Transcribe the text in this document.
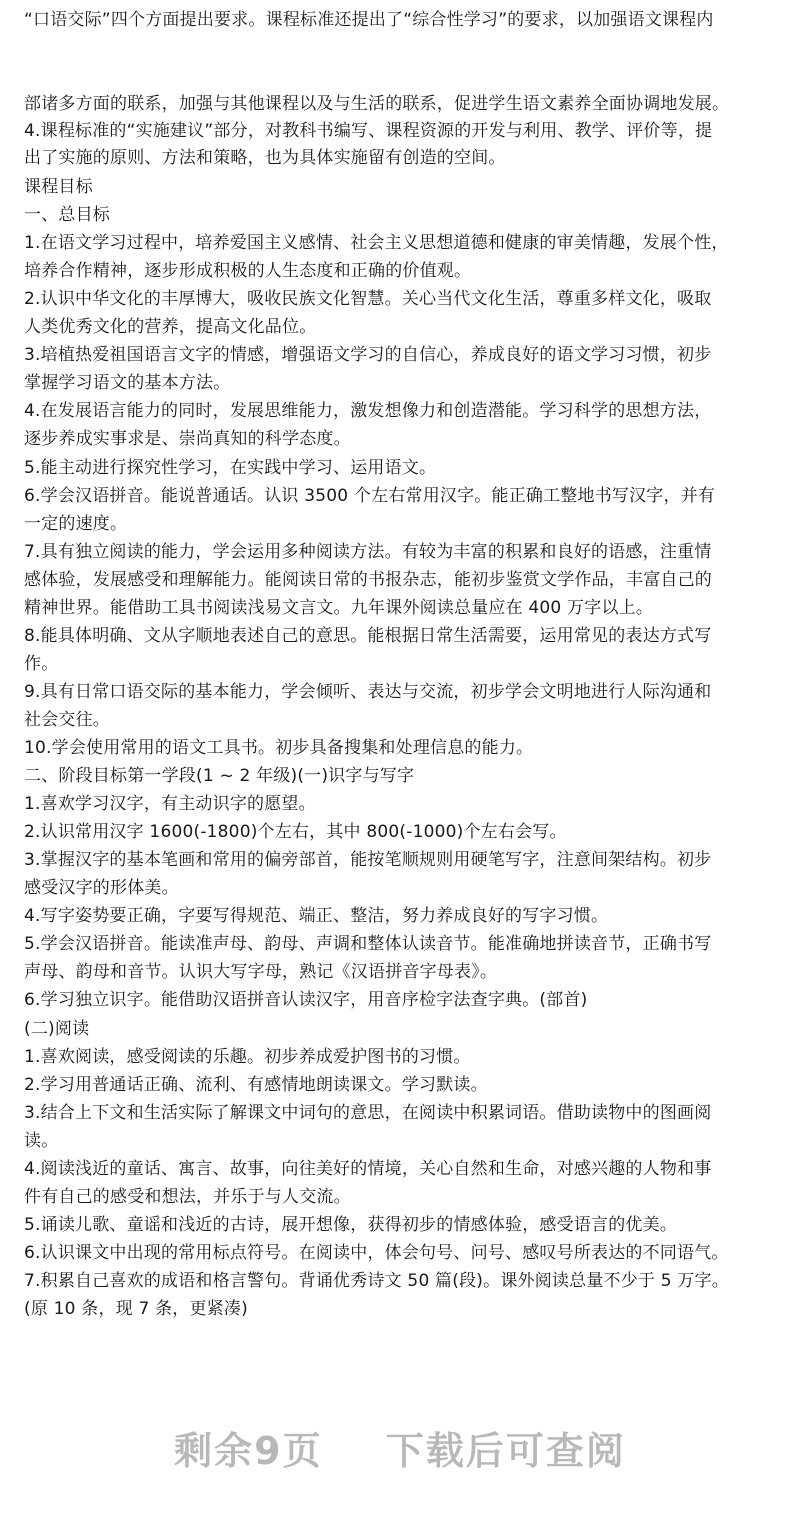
“口语交际”四个方面提出要求。课程标准还提出了“综合性学习”的要求，以加强语文课程内
部诸多方面的联系，加强与其他课程以及与生活的联系，促进学生语文素养全面协调地发展。
4.课程标准的“实施建议”部分，对教科书编写、课程资源的开发与利用、教学、评价等，提
出了实施的原则、方法和策略，也为具体实施留有创造的空间。
课程目标
一、总目标
1.在语文学习过程中，培养爱国主义感情、社会主义思想道德和健康的审美情趣，发展个性，
培养合作精神，逐步形成积极的人生态度和正确的价值观。
2.认识中华文化的丰厚博大，吸收民族文化智慧。关心当代文化生活，尊重多样文化，吸取
人类优秀文化的营养，提高文化品位。
3.培植热爱祖国语言文字的情感，增强语文学习的自信心，养成良好的语文学习习惯，初步
掌握学习语文的基本方法。
4.在发展语言能力的同时，发展思维能力，激发想像力和创造潜能。学习科学的思想方法，
逐步养成实事求是、崇尚真知的科学态度。
5.能主动进行探究性学习，在实践中学习、运用语文。
6.学会汉语拼音。能说普通话。认识 3500 个左右常用汉字。能正确工整地书写汉字，并有
一定的速度。
7.具有独立阅读的能力，学会运用多种阅读方法。有较为丰富的积累和良好的语感，注重情
感体验，发展感受和理解能力。能阅读日常的书报杂志，能初步鉴赏文学作品，丰富自己的
精神世界。能借助工具书阅读浅易文言文。九年课外阅读总量应在 400 万字以上。
8.能具体明确、文从字顺地表述自己的意思。能根据日常生活需要，运用常见的表达方式写
作。
9.具有日常口语交际的基本能力，学会倾听、表达与交流，初步学会文明地进行人际沟通和
社会交往。
10.学会使用常用的语文工具书。初步具备搜集和处理信息的能力。
二、阶段目标第一学段(1 ~ 2 年级)(一)识字与写字
1.喜欢学习汉字，有主动识字的愿望。
2.认识常用汉字 1600(-1800)个左右，其中 800(-1000)个左右会写。
3.掌握汉字的基本笔画和常用的偏旁部首，能按笔顺规则用硬笔写字，注意间架结构。初步
感受汉字的形体美。
4.写字姿势要正确，字要写得规范、端正、整洁，努力养成良好的写字习惯。
5.学会汉语拼音。能读准声母、韵母、声调和整体认读音节。能准确地拼读音节，正确书写
声母、韵母和音节。认识大写字母，熟记《汉语拼音字母表》。
6.学习独立识字。能借助汉语拼音认读汉字，用音序检字法查字典。(部首)
(二)阅读
1.喜欢阅读，感受阅读的乐趣。初步养成爱护图书的习惯。
2.学习用普通话正确、流利、有感情地朗读课文。学习默读。
3.结合上下文和生活实际了解课文中词句的意思，在阅读中积累词语。借助读物中的图画阅
读。
4.阅读浅近的童话、寓言、故事，向往美好的情境，关心自然和生命，对感兴趣的人物和事
件有自己的感受和想法，并乐于与人交流。
5.诵读儿歌、童谣和浅近的古诗，展开想像，获得初步的情感体验，感受语言的优美。
6.认识课文中出现的常用标点符号。在阅读中，体会句号、问号、感叹号所表达的不同语气。
7.积累自己喜欢的成语和格言警句。背诵优秀诗文 50 篇(段)。课外阅读总量不少于 5 万字。
(原 10 条，现 7 条，更紧凑)
剩余9页 下载后可查阅
